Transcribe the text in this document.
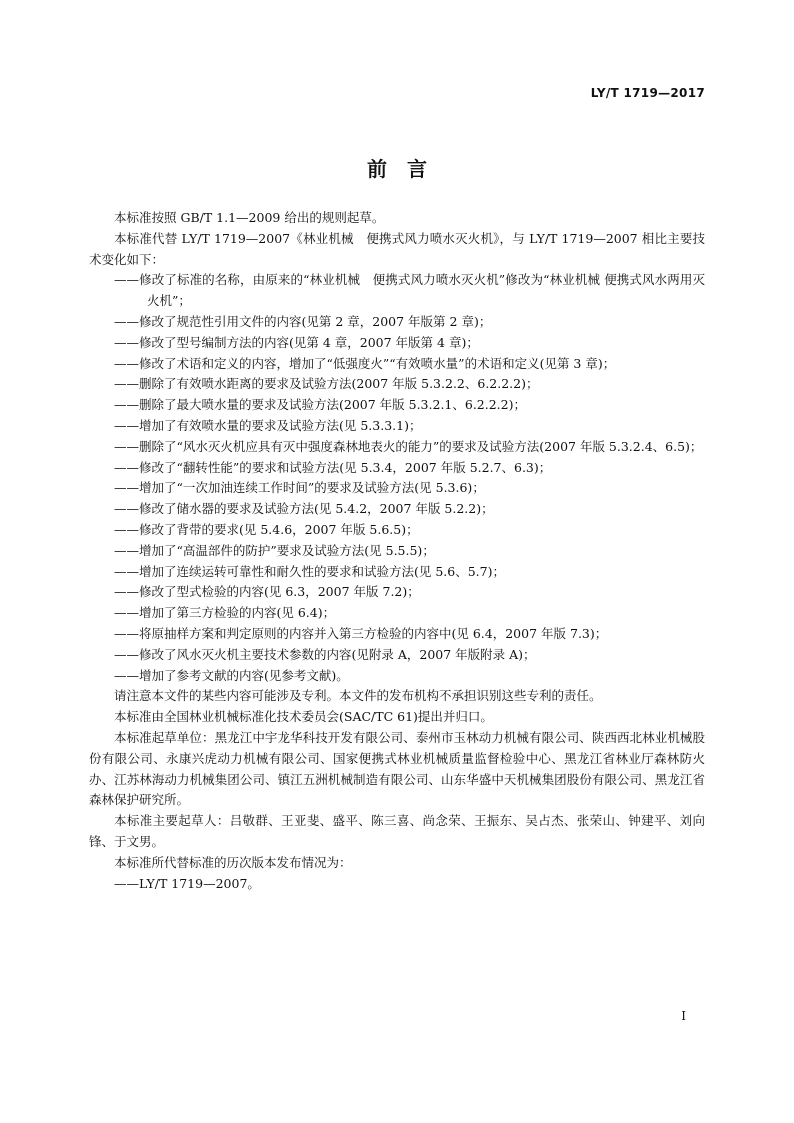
LY/T 1719—2017
前　言

本标准按照 GB/T 1.1—2009 给出的规则起草。

本标准代替 LY/T 1719—2007《林业机械　便携式风力喷水灭火机》，与 LY/T 1719—2007 相比主要技术变化如下：

——修改了标准的名称，由原来的“林业机械　便携式风力喷水灭火机”修改为“林业机械 便携式风水两用灭火机”；

——修改了规范性引用文件的内容(见第 2 章，2007 年版第 2 章)；

——修改了型号编制方法的内容(见第 4 章，2007 年版第 4 章)；

——修改了术语和定义的内容，增加了“低强度火”“有效喷水量”的术语和定义(见第 3 章)；

——删除了有效喷水距离的要求及试验方法(2007 年版 5.3.2.2、6.2.2.2)；

——删除了最大喷水量的要求及试验方法(2007 年版 5.3.2.1、6.2.2.2)；

——增加了有效喷水量的要求及试验方法(见 5.3.3.1)；

——删除了“风水灭火机应具有灭中强度森林地表火的能力”的要求及试验方法(2007 年版 5.3.2.4、6.5)；

——修改了“翻转性能”的要求和试验方法(见 5.3.4，2007 年版 5.2.7、6.3)；

——增加了“一次加油连续工作时间”的要求及试验方法(见 5.3.6)；

——修改了储水器的要求及试验方法(见 5.4.2，2007 年版 5.2.2)；

——修改了背带的要求(见 5.4.6，2007 年版 5.6.5)；

——增加了“高温部件的防护”要求及试验方法(见 5.5.5)；

——增加了连续运转可靠性和耐久性的要求和试验方法(见 5.6、5.7)；

——修改了型式检验的内容(见 6.3，2007 年版 7.2)；

——增加了第三方检验的内容(见 6.4)；

——将原抽样方案和判定原则的内容并入第三方检验的内容中(见 6.4，2007 年版 7.3)；

——修改了风水灭火机主要技术参数的内容(见附录 A，2007 年版附录 A)；

——增加了参考文献的内容(见参考文献)。

请注意本文件的某些内容可能涉及专利。本文件的发布机构不承担识别这些专利的责任。

本标准由全国林业机械标准化技术委员会(SAC/TC 61)提出并归口。

本标准起草单位：黑龙江中宇龙华科技开发有限公司、泰州市玉林动力机械有限公司、陕西西北林业机械股份有限公司、永康兴虎动力机械有限公司、国家便携式林业机械质量监督检验中心、黑龙江省林业厅森林防火办、江苏林海动力机械集团公司、镇江五洲机械制造有限公司、山东华盛中天机械集团股份有限公司、黑龙江省森林保护研究所。

本标准主要起草人：吕敬群、王亚斐、盛平、陈三喜、尚念荣、王振东、吴占杰、张荣山、钟建平、刘向锋、于文男。

本标准所代替标准的历次版本发布情况为：

——LY/T 1719—2007。

I
